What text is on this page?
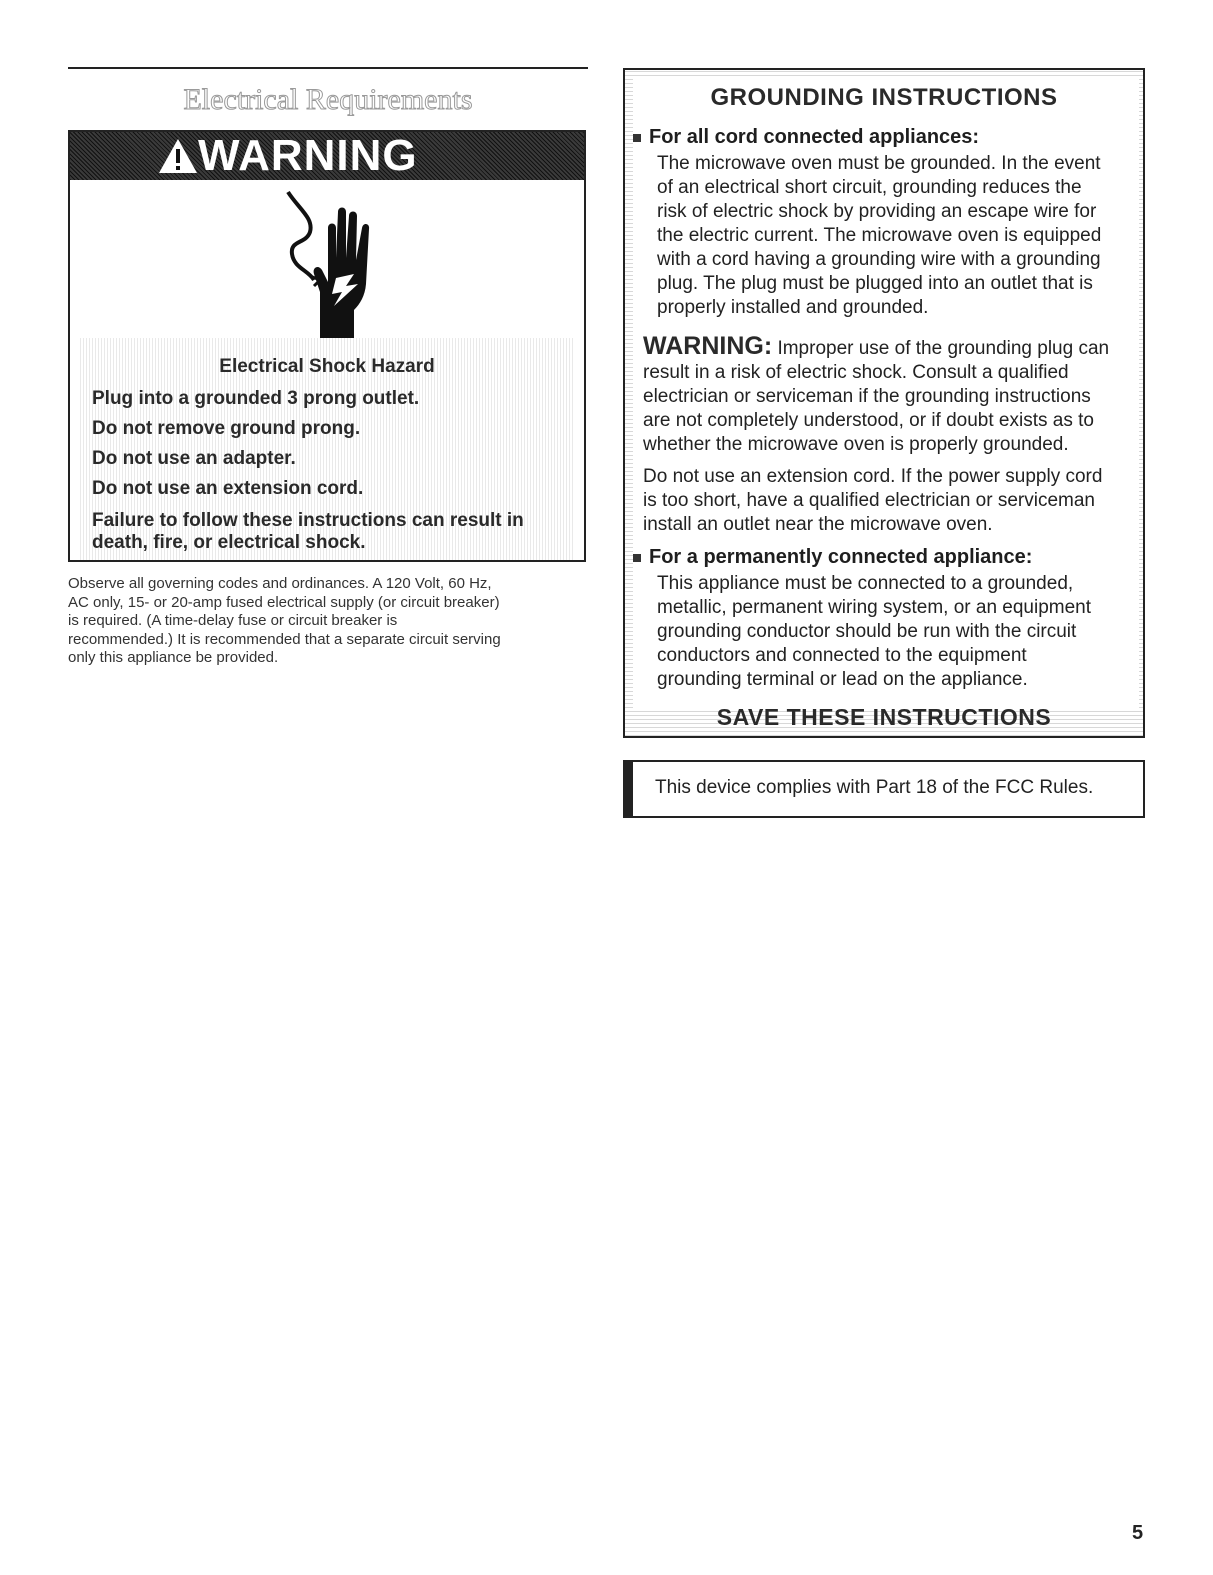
Electrical Requirements
WARNING
Electrical Shock Hazard
Plug into a grounded 3 prong outlet.
Do not remove ground prong.
Do not use an adapter.
Do not use an extension cord.
Failure to follow these instructions can result in
death, fire, or electrical shock.
Observe all governing codes and ordinances. A 120 Volt, 60 Hz,
AC only, 15- or 20-amp fused electrical supply (or circuit breaker)
is required. (A time-delay fuse or circuit breaker is
recommended.) It is recommended that a separate circuit serving
only this appliance be provided.
GROUNDING INSTRUCTIONS
For all cord connected appliances:
The microwave oven must be grounded. In the event
of an electrical short circuit, grounding reduces the
risk of electric shock by providing an escape wire for
the electric current. The microwave oven is equipped
with a cord having a grounding wire with a grounding
plug. The plug must be plugged into an outlet that is
properly installed and grounded.
WARNING: Improper use of the grounding plug can
result in a risk of electric shock. Consult a qualified
electrician or serviceman if the grounding instructions
are not completely understood, or if doubt exists as to
whether the microwave oven is properly grounded.
Do not use an extension cord. If the power supply cord
is too short, have a qualified electrician or serviceman
install an outlet near the microwave oven.
For a permanently connected appliance:
This appliance must be connected to a grounded,
metallic, permanent wiring system, or an equipment
grounding conductor should be run with the circuit
conductors and connected to the equipment
grounding terminal or lead on the appliance.
SAVE THESE INSTRUCTIONS
This device complies with Part 18 of the FCC Rules.
5
